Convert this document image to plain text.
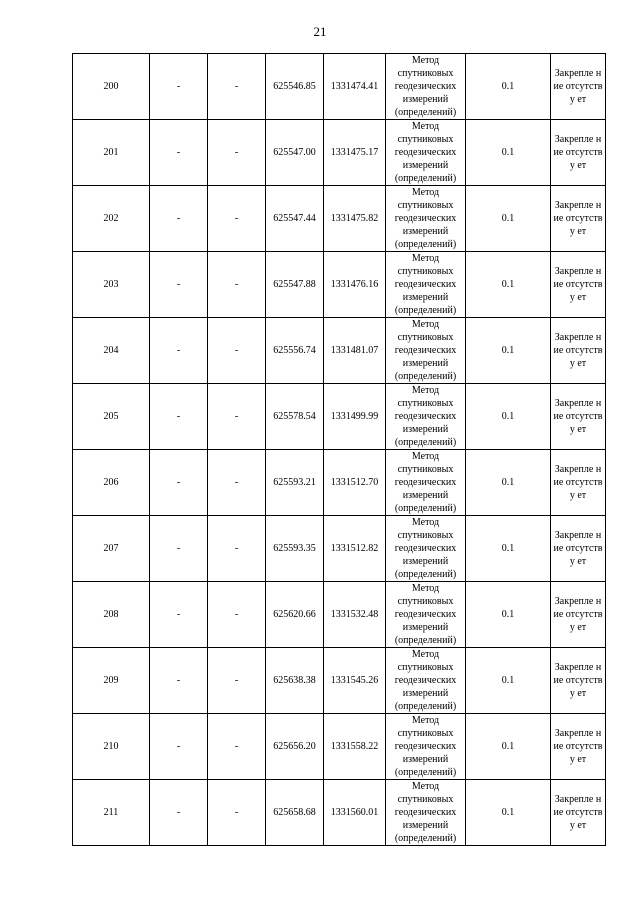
21
200	-	-	625546.85	1331474.41	Метод спутниковых геодезических измерений (определений)	0.1	Закрепле ние отсутству ет

201	-	-	625547.00	1331475.17	Метод спутниковых геодезических измерений (определений)	0.1	Закрепле ние отсутству ет

202	-	-	625547.44	1331475.82	Метод спутниковых геодезических измерений (определений)	0.1	Закрепле ние отсутству ет

203	-	-	625547.88	1331476.16	Метод спутниковых геодезических измерений (определений)	0.1	Закрепле ние отсутству ет

204	-	-	625556.74	1331481.07	Метод спутниковых геодезических измерений (определений)	0.1	Закрепле ние отсутству ет

205	-	-	625578.54	1331499.99	Метод спутниковых геодезических измерений (определений)	0.1	Закрепле ние отсутству ет

206	-	-	625593.21	1331512.70	Метод спутниковых геодезических измерений (определений)	0.1	Закрепле ние отсутству ет

207	-	-	625593.35	1331512.82	Метод спутниковых геодезических измерений (определений)	0.1	Закрепле ние отсутству ет

208	-	-	625620.66	1331532.48	Метод спутниковых геодезических измерений (определений)	0.1	Закрепле ние отсутству ет

209	-	-	625638.38	1331545.26	Метод спутниковых геодезических измерений (определений)	0.1	Закрепле ние отсутству ет

210	-	-	625656.20	1331558.22	Метод спутниковых геодезических измерений (определений)	0.1	Закрепле ние отсутству ет

211	-	-	625658.68	1331560.01	Метод спутниковых геодезических измерений (определений)	0.1	Закрепле ние отсутству ет
